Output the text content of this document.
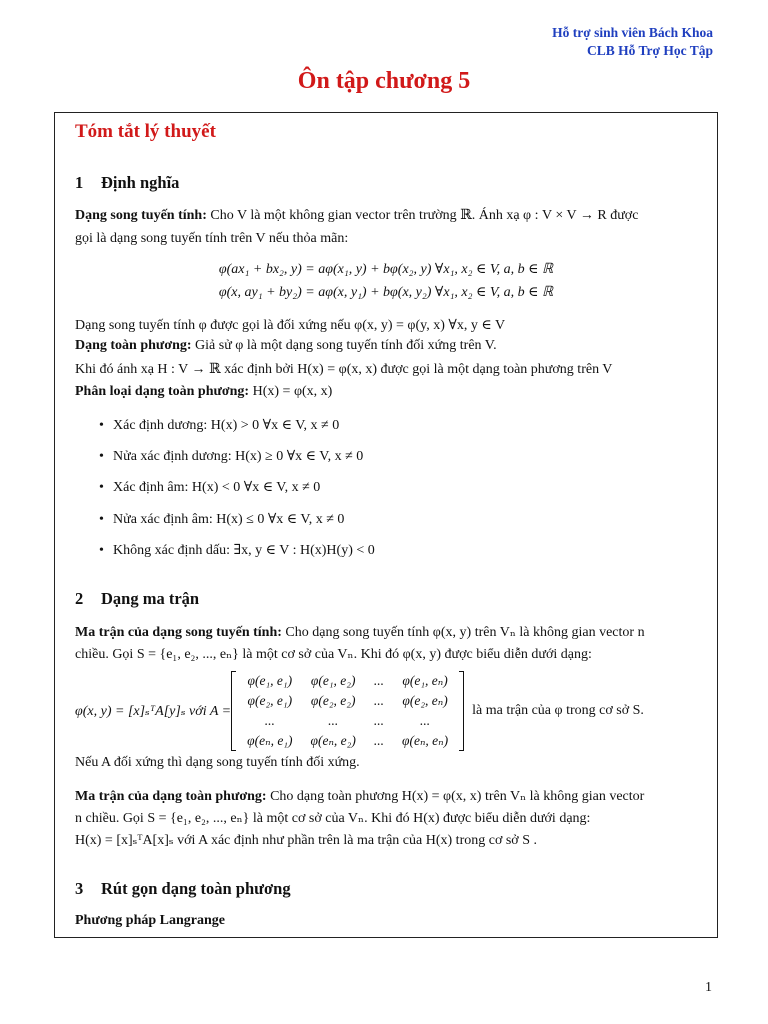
Hỗ trợ sinh viên Bách Khoa
CLB Hỗ Trợ Học Tập
Ôn tập chương 5
Tóm tắt lý thuyết
1 Định nghĩa
Dạng song tuyến tính: Cho V là một không gian vector trên trường ℝ. Ánh xạ φ : V × V → R được
gọi là dạng song tuyến tính trên V nếu thỏa mãn:
φ(ax₁ + bx₂, y) = aφ(x₁, y) + bφ(x₂, y) ∀x₁, x₂ ∈ V, a, b ∈ ℝ
φ(x, ay₁ + by₂) = aφ(x, y₁) + bφ(x, y₂) ∀x₁, x₂ ∈ V, a, b ∈ ℝ
Dạng song tuyến tính φ được gọi là đối xứng nếu φ(x, y) = φ(y, x) ∀x, y ∈ V
Dạng toàn phương: Giả sử φ là một dạng song tuyến tính đối xứng trên V.
Khi đó ánh xạ H : V → ℝ xác định bởi H(x) = φ(x, x) được gọi là một dạng toàn phương trên V
Phân loại dạng toàn phương: H(x) = φ(x, x)
• Xác định dương: H(x) > 0 ∀x ∈ V, x ≠ 0
• Nửa xác định dương: H(x) ≥ 0 ∀x ∈ V, x ≠ 0
• Xác định âm: H(x) < 0 ∀x ∈ V, x ≠ 0
• Nửa xác định âm: H(x) ≤ 0 ∀x ∈ V, x ≠ 0
• Không xác định dấu: ∃x, y ∈ V : H(x)H(y) < 0
2 Dạng ma trận
Ma trận của dạng song tuyến tính: Cho dạng song tuyến tính φ(x, y) trên Vₙ là không gian vector n
chiều. Gọi S = {e₁, e₂, ..., eₙ} là một cơ sở của Vₙ. Khi đó φ(x, y) được biểu diễn dưới dạng:
φ(x, y) = [x]ₛᵀA[y]ₛ với A =
φ(e₁, e₁)	φ(e₁, e₂)	...	φ(e₁, eₙ)
φ(e₂, e₁)	φ(e₂, e₂)	...	φ(e₂, eₙ)
...	...	...	...
φ(eₙ, e₁)	φ(eₙ, e₂)	...	φ(eₙ, eₙ)
là ma trận của φ trong cơ sở S.
Nếu A đối xứng thì dạng song tuyến tính đối xứng.
Ma trận của dạng toàn phương: Cho dạng toàn phương H(x) = φ(x, x) trên Vₙ là không gian vector
n chiều. Gọi S = {e₁, e₂, ..., eₙ} là một cơ sở của Vₙ. Khi đó H(x) được biểu diễn dưới dạng:
H(x) = [x]ₛᵀA[x]ₛ với A xác định như phần trên là ma trận của H(x) trong cơ sở S .
3 Rút gọn dạng toàn phương
Phương pháp Langrange
1
